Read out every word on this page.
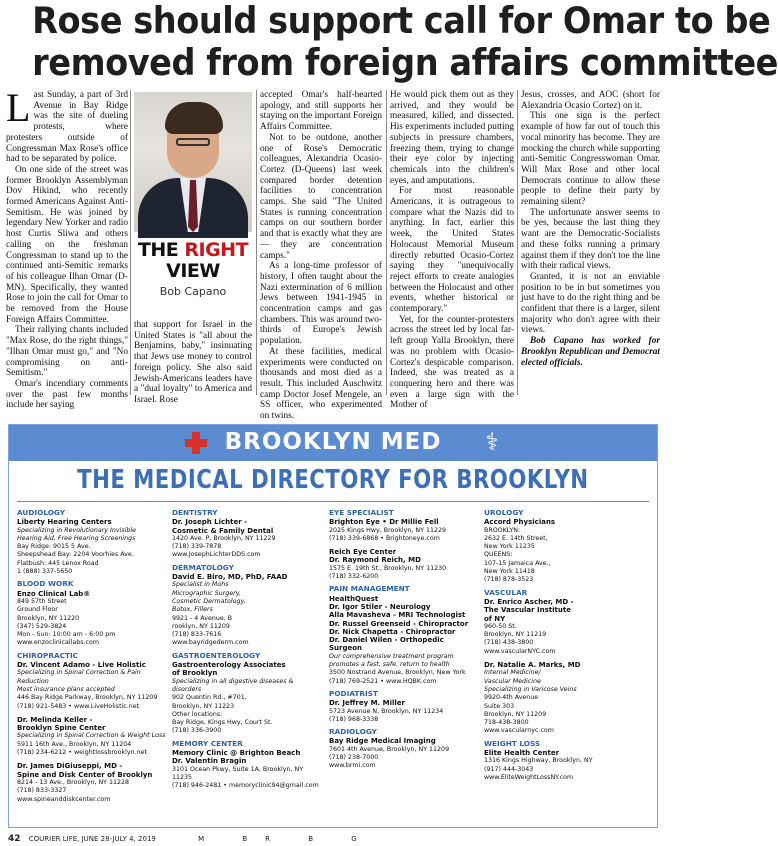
Rose should support call for Omar to be
removed from foreign affairs committee

Last Sunday, a part of 3rd Avenue in Bay Ridge was the site of dueling protests, where protesters outside of Congressman Max Rose's office had to be separated by police.

On one side of the street was former Brooklyn Assemblyman Dov Hikind, who recently formed Americans Against Anti-Semitism. He was joined by legendary New Yorker and radio host Curtis Sliwa and others calling on the freshman Congressman to stand up to the continued anti-Semitic remarks of his colleague Ilhan Omar (D-MN). Specifically, they wanted Rose to join the call for Omar to be removed from the House Foreign Affairs Committee.

Their rallying chants included "Max Rose, do the right things," "Ilhan Omar must go," and "No compromising on anti-Semitism."

Omar's incendiary comments over the past few months include her saying

THE RIGHT
VIEW
Bob Capano

that support for Israel in the United States is "all about the Benjamins, baby," insinuating that Jews use money to control foreign policy. She also said Jewish-Americans leaders have a "dual loyalty" to America and Israel. Rose

accepted Omar's half-hearted apology, and still supports her staying on the important Foreign Affairs Committee.

Not to be outdone, another one of Rose's Democratic colleagues, Alexandria Ocasio-Cortez (D-Queens) last week compared border detention facilities to concentration camps. She said "The United States is running concentration camps on our southern border and that is exactly what they are — they are concentration camps."

As a long-time professor of history, I often taught about the Nazi extermination of 6 million Jews between 1941-1945 in concentration camps and gas chambers. This was around two-thirds of Europe's Jewish population.

At these facilities, medical experiments were conducted on thousands and most died as a result. This included Auschwitz camp Doctor Josef Mengele, an SS officer, who experimented on twins.

He would pick them out as they arrived, and they would be measured, killed, and dissected. His experiments included putting subjects in pressure chambers, freezing them, trying to change their eye color by injecting chemicals into the children's eyes, and amputations.

For most reasonable Americans, it is outrageous to compare what the Nazis did to anything. In fact, earlier this week, the United States Holocaust Memorial Museum directly rebutted Ocasio-Cortez saying they "unequivocally reject efforts to create analogies between the Holocaust and other events, whether historical or contemporary."

Yet, for the counter-protesters across the street led by local far-left group Yalla Brooklyn, there was no problem with Ocasio-Cortez's despicable comparison. Indeed, she was treated as a conquering hero and there was even a large sign with the Mother of

Jesus, crosses, and AOC (short for Alexandria Ocasio Cortez) on it.

This one sign is the perfect example of how far out of touch this vocal minority has become. They are mocking the church while supporting anti-Semitic Congresswoman Omar. Will Max Rose and other local Democrats continue to allow these people to define their party by remaining silent?

The unfortunate answer seems to be yes, because the last thing they want are the Democratic-Socialists and these folks running a primary against them if they don't toe the line with their radical views.

Granted, it is not an enviable position to be in but sometimes you just have to do the right thing and be confident that there is a larger, silent majority who don't agree with their views.

Bob Capano has worked for Brooklyn Republican and Democrat elected officials.

BROOKLYN MED	⚕
THE MEDICAL DIRECTORY FOR BROOKLYN
AUDIOLOGY
Liberty Hearing Centers
Specializing in Revolutionary Invisible
Hearing Aid, Free Hearing Screenings
Bay Ridge: 9015 5 Ave.
Sheepshead Bay: 2204 Voorhies Ave.
Flatbush: 445 Lenox Road
1 (888) 337-5650
BLOOD WORK
Enzo Clinical Lab®
849 57th Street
Ground Floor
Brooklyn, NY 11220
(347) 529-3824
Mon - Sun: 10:00 am - 6:00 pm
www.enzoclinicallabs.com
CHIROPRACTIC
Dr. Vincent Adamo - Live Holistic
Specializing in Spinal Correction & Pain Reduction
Most insurance plans accepted
446 Bay Ridge Parkway, Brooklyn, NY 11209
(718) 921-5483 • www.LiveHolistic.net
Dr. Melinda Keller -
Brooklyn Spine Center
Specializing in Spinal Correction & Weight Loss
5911 16th Ave., Brooklyn, NY 11204
(718) 234-6212 • weightlossbrooklyn.net
Dr. James DiGiuseppi, MD -
Spine and Disk Center of Brooklyn
8214 - 13 Ave., Brooklyn, NY 11228
(718) 833-3327
www.spineanddiskcenter.com
DENTISTRY
Dr. Joseph Lichter -
Cosmetic & Family Dental
1420 Ave. P, Brooklyn, NY 11229
(718) 339-7878
www.JosephLichterDDS.com
DERMATOLOGY
David E. Biro, MD, PhD, FAAD
Specialist in Mohs
Micrographic Surgery,
Cosmetic Dermatology,
Botox, Fillers
9921 - 4 Avenue, B
rooklyn, NY 11209
(718) 833-7616
www.bayridgederm.com
GASTROENTEROLOGY
Gastroenterology Associates
of Brooklyn
Specializing in all digestive diseases & disorders
902 Quentin Rd., #701,
Brooklyn, NY 11223
Other locations:
Bay Ridge, Kings Hwy, Court St.
(718) 336-3900
MEMORY CENTER
Memory Clinic @ Brighton Beach
Dr. Valentin Bragin
3101 Ocean Pkwy, Suite 1A, Brooklyn, NY 11235
(718) 946-2481 • memoryclinic94@gmail.com
EYE SPECIALIST
Brighton Eye • Dr Millie Fell
2025 Kings Hwy, Brooklyn, NY 11229
(718) 339-6868 • Brightoneye.com
Reich Eye Center
Dr. Raymond Reich, MD
1575 E. 19th St., Brooklyn, NY 11230
(718) 332-6200
PAIN MANAGEMENT
HealthQuest
Dr. Igor Stiler - Neurology
Alla Mavasheva - MRI Technologist
Dr. Russel Greenseid - Chiropractor
Dr. Nick Chapetta - Chiropractor
Dr. Daniel Wilen - Orthopedic Surgeon
Our comprehensive treatment program
promotes a fast, safe, return to health
3500 Nostrand Avenue, Brooklyn, New York
(718) 769-2521 • www.HQBK.com
PODIATRIST
Dr. Jeffrey M. Miller
5723 Avenue N, Brooklyn, NY 11234
(718) 968-3338
RADIOLOGY
Bay Ridge Medical Imaging
7601 4th Avenue, Brooklyn, NY 11209
(718) 238-7000
www.brmi.com
UROLOGY
Accord Physicians
BROOKLYN:
2632 E. 14th Street,
New York 11235
QUEENS:
107-15 Jamaica Ave.,
New York 11418
(718) 878-3523
VASCULAR
Dr. Enrico Ascher, MD -
The Vascular Institute
of NY
960-50 St.
Brooklyn, NY 11219
(718) 438-3800
www.vascularNYC.com
Dr. Natalie A. Marks, MD
Internal Medicine/
Vascular Medicine
Specializing in Varicose Veins
9920-4th Avenue
Suite 303
Brooklyn, NY 11209
718-438-3800
www.vascularnyc.com
WEIGHT LOSS
Elite Health Center
1316 Kings Highway, Brooklyn, NY
(917) 444-3043
www.EliteWeightLossNY.com
42 COURIER LIFE, JUNE 28-JULY 4, 2019	M BR B G
